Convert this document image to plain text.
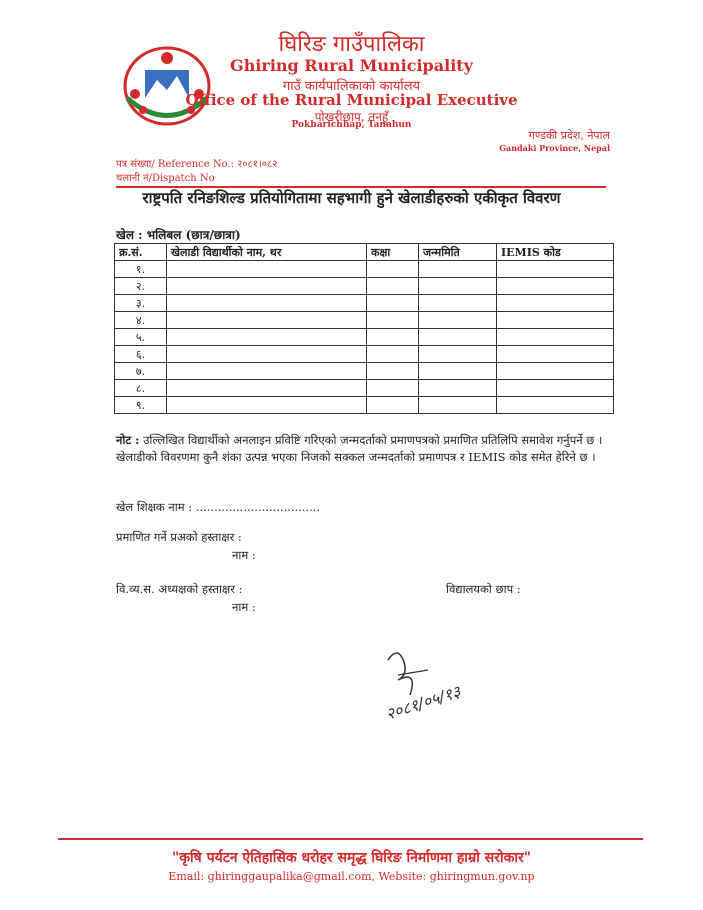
घिरिङ गाउँपालिका
Ghiring Rural Municipality
गाउँ कार्यपालिकाको कार्यालय
Office of the Rural Municipal Executive
पोखरीछाप, तनहुँ
Pokharichhap, Tanahun
गण्डकी प्रदेश, नेपाल
Gandaki Province, Nepal
पत्र संख्या/ Reference No.: २०८१।०८२
चलानी नं/Dispatch No
राष्ट्रपति रनिङशिल्ड प्रतियोगितामा सहभागी हुने खेलाडीहरुको एकीकृत विवरण
खेल : भलिबल (छात्र/छात्रा)
क्र.सं.	खेलाडी विद्यार्थीको नाम, थर	कक्षा	जन्ममिति	IEMIS कोड
१.				
२.				
३.				
४.				
५.				
६.				
७.				
८.				
९.				
नोट : उल्लिखित विद्यार्थीको अनलाइन प्रविष्टि गरिएको जन्मदर्ताको प्रमाणपत्रको प्रमाणित प्रतिलिपि समावेश गर्नुपर्ने छ । खेलाडीको विवरणमा कुनै शंका उत्पन्न भएका निजको सक्कल जन्मदर्ताको प्रमाणपत्र र IEMIS कोड समेत हेरिने छ ।
खेल शिक्षक नाम : ..................................
प्रमाणित गर्ने प्रअको हस्ताक्षर :
नाम :
वि.व्य.स. अध्यक्षको हस्ताक्षर :
नाम :
विद्यालयको छाप :
२०८१/०५/१३
"कृषि पर्यटन ऐतिहासिक धरोहर समृद्ध घिरिङ निर्माणमा हाम्रो सरोकार"
Email: ghiringgaupalika@gmail.com, Website: ghiringmun.gov.np
